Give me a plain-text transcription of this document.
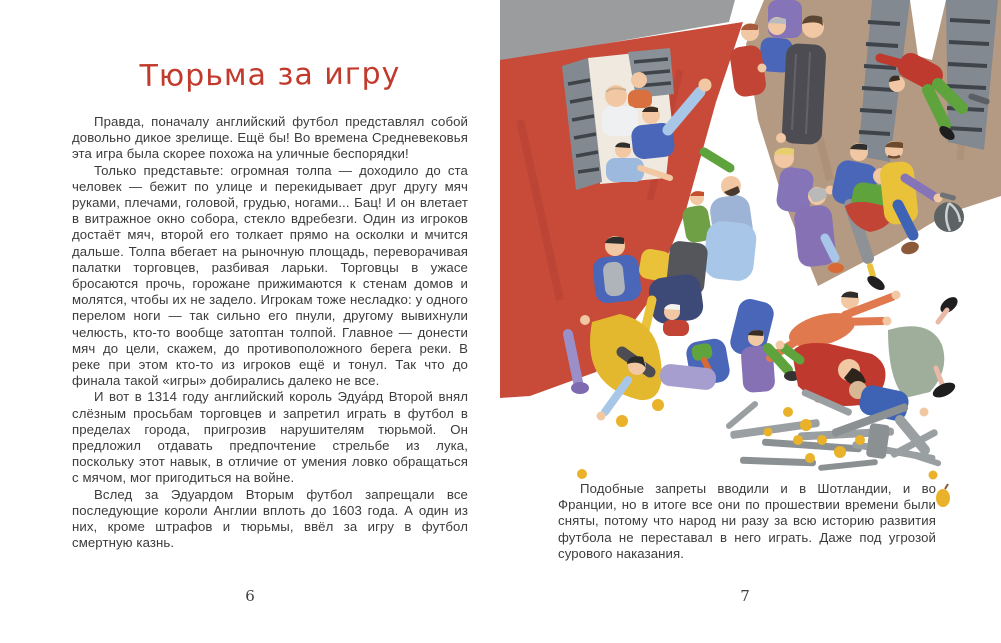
Тюрьма за игру

Правда, поначалу английский футбол представлял собой довольно дикое зрелище. Ещё бы! Во времена Средневековья эта игра была скорее похожа на уличные беспорядки!

Только представьте: огромная толпа — доходило до ста человек — бежит по улице и перекидывает друг другу мяч руками, плечами, головой, грудью, ногами... Бац! И он влетает в витражное окно собора, стекло вдребезги. Один из игроков достаёт мяч, второй его толкает прямо на осколки и мчится дальше. Толпа вбегает на рыночную площадь, переворачивая палатки торговцев, разбивая ларьки. Торговцы в ужасе бросаются прочь, горожане прижимаются к стенам домов и молятся, чтобы их не задело. Игрокам тоже несладко: у одного перелом ноги — так сильно его пнули, другому вывихнули челюсть, кто-то вообще затоптан толпой. Главное — донести мяч до цели, скажем, до противоположного берега реки. В реке при этом кто-то из игроков ещё и тонул. Так что до финала такой «игры» добирались далеко не все.

И вот в 1314 году английский король Эдуа́рд Второй внял слёзным просьбам торговцев и запретил играть в футбол в пределах города, пригрозив нарушителям тюрьмой. Он предложил отдавать предпочтение стрельбе из лука, поскольку этот навык, в отличие от умения ловко обращаться с мячом, мог пригодиться на войне.

Вслед за Эдуардом Вторым футбол запрещали все последующие короли Англии вплоть до 1603 года. А один из них, кроме штрафов и тюрьмы, ввёл за игру в футбол смертную казнь.

6

Подобные запреты вводили и в Шотландии, и во Франции, но в итоге все они по прошествии времени были сняты, потому что народ ни разу за всю историю развития футбола не переставал в него играть. Даже под угрозой сурового наказания.

7
